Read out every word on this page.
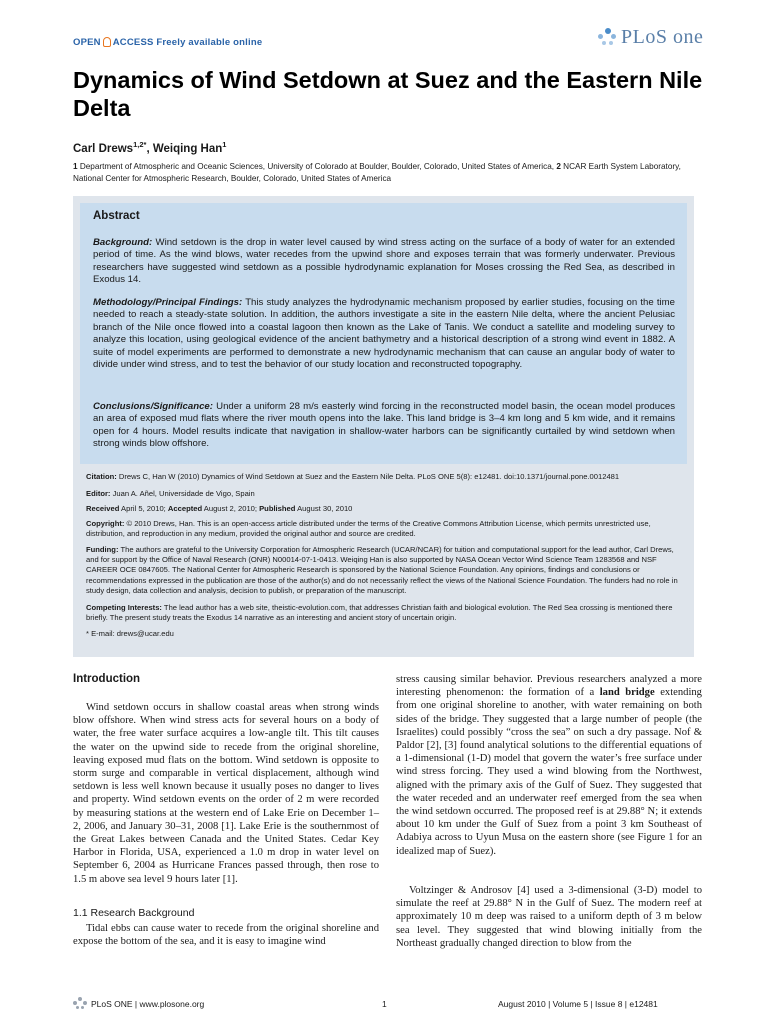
OPEN ACCESS Freely available online	PLoS one
Dynamics of Wind Setdown at Suez and the Eastern Nile Delta
Carl Drews$^{1,2*}$, Weiqing Han$^1$
1 Department of Atmospheric and Oceanic Sciences, University of Colorado at Boulder, Boulder, Colorado, United States of America, 2 NCAR Earth System Laboratory, National Center for Atmospheric Research, Boulder, Colorado, United States of America
Abstract
Background: Wind setdown is the drop in water level caused by wind stress acting on the surface of a body of water for an extended period of time. As the wind blows, water recedes from the upwind shore and exposes terrain that was formerly underwater. Previous researchers have suggested wind setdown as a possible hydrodynamic explanation for Moses crossing the Red Sea, as described in Exodus 14.
Methodology/Principal Findings: This study analyzes the hydrodynamic mechanism proposed by earlier studies, focusing on the time needed to reach a steady-state solution. In addition, the authors investigate a site in the eastern Nile delta, where the ancient Pelusiac branch of the Nile once flowed into a coastal lagoon then known as the Lake of Tanis. We conduct a satellite and modeling survey to analyze this location, using geological evidence of the ancient bathymetry and a historical description of a strong wind event in 1882. A suite of model experiments are performed to demonstrate a new hydrodynamic mechanism that can cause an angular body of water to divide under wind stress, and to test the behavior of our study location and reconstructed topography.
Conclusions/Significance: Under a uniform 28 m/s easterly wind forcing in the reconstructed model basin, the ocean model produces an area of exposed mud flats where the river mouth opens into the lake. This land bridge is 3–4 km long and 5 km wide, and it remains open for 4 hours. Model results indicate that navigation in shallow-water harbors can be significantly curtailed by wind setdown when strong winds blow offshore.
Citation: Drews C, Han W (2010) Dynamics of Wind Setdown at Suez and the Eastern Nile Delta. PLoS ONE 5(8): e12481. doi:10.1371/journal.pone.0012481
Editor: Juan A. Añel, Universidade de Vigo, Spain
Received April 5, 2010; Accepted August 2, 2010; Published August 30, 2010
Copyright: © 2010 Drews, Han. This is an open-access article distributed under the terms of the Creative Commons Attribution License, which permits unrestricted use, distribution, and reproduction in any medium, provided the original author and source are credited.
Funding: The authors are grateful to the University Corporation for Atmospheric Research (UCAR/NCAR) for tuition and computational support for the lead author, Carl Drews, and for support by the Office of Naval Research (ONR) N00014-07-1-0413. Weiqing Han is also supported by NASA Ocean Vector Wind Science Team 1283568 and NSF CAREER OCE 0847605. The National Center for Atmospheric Research is sponsored by the National Science Foundation. Any opinions, findings and conclusions or recommendations expressed in the publication are those of the author(s) and do not necessarily reflect the views of the National Science Foundation. The funders had no role in study design, data collection and analysis, decision to publish, or preparation of the manuscript.
Competing Interests: The lead author has a web site, theistic-evolution.com, that addresses Christian faith and biological evolution. The Red Sea crossing is mentioned there briefly. The present study treats the Exodus 14 narrative as an interesting and ancient story of uncertain origin.
* E-mail: drews@ucar.edu
Introduction
Wind setdown occurs in shallow coastal areas when strong winds blow offshore. When wind stress acts for several hours on a body of water, the free water surface acquires a low-angle tilt. This tilt causes the water on the upwind side to recede from the original shoreline, leaving exposed mud flats on the bottom. Wind setdown is opposite to storm surge and comparable in vertical displacement, although wind setdown is less well known because it usually poses no danger to lives and property. Wind setdown events on the order of 2 m were recorded by measuring stations at the western end of Lake Erie on December 1–2, 2006, and January 30–31, 2008 [1]. Lake Erie is the southernmost of the Great Lakes between Canada and the United States. Cedar Key Harbor in Florida, USA, experienced a 1.0 m drop in water level on September 6, 2004 as Hurricane Frances passed through, then rose to 1.5 m above sea level 9 hours later [1].
1.1 Research Background
Tidal ebbs can cause water to recede from the original shoreline and expose the bottom of the sea, and it is easy to imagine wind
stress causing similar behavior. Previous researchers analyzed a more interesting phenomenon: the formation of a land bridge extending from one original shoreline to another, with water remaining on both sides of the bridge. They suggested that a large number of people (the Israelites) could possibly “cross the sea” on such a dry passage. Nof & Paldor [2], [3] found analytical solutions to the differential equations of a 1-dimensional (1-D) model that govern the water’s free surface under wind stress forcing. They used a wind blowing from the Northwest, aligned with the primary axis of the Gulf of Suez. They suggested that the water receded and an underwater reef emerged from the sea when the wind setdown occurred. The proposed reef is at 29.88° N; it extends about 10 km under the Gulf of Suez from a point 3 km Southeast of Adabiya across to Uyun Musa on the eastern shore (see Figure 1 for an idealized map of Suez).
Voltzinger & Androsov [4] used a 3-dimensional (3-D) model to simulate the reef at 29.88° N in the Gulf of Suez. The modern reef at approximately 10 m deep was raised to a uniform depth of 3 m below sea level. They suggested that wind blowing initially from the Northeast gradually changed direction to blow from the
PLoS ONE | www.plosone.org	1	August 2010 | Volume 5 | Issue 8 | e12481
